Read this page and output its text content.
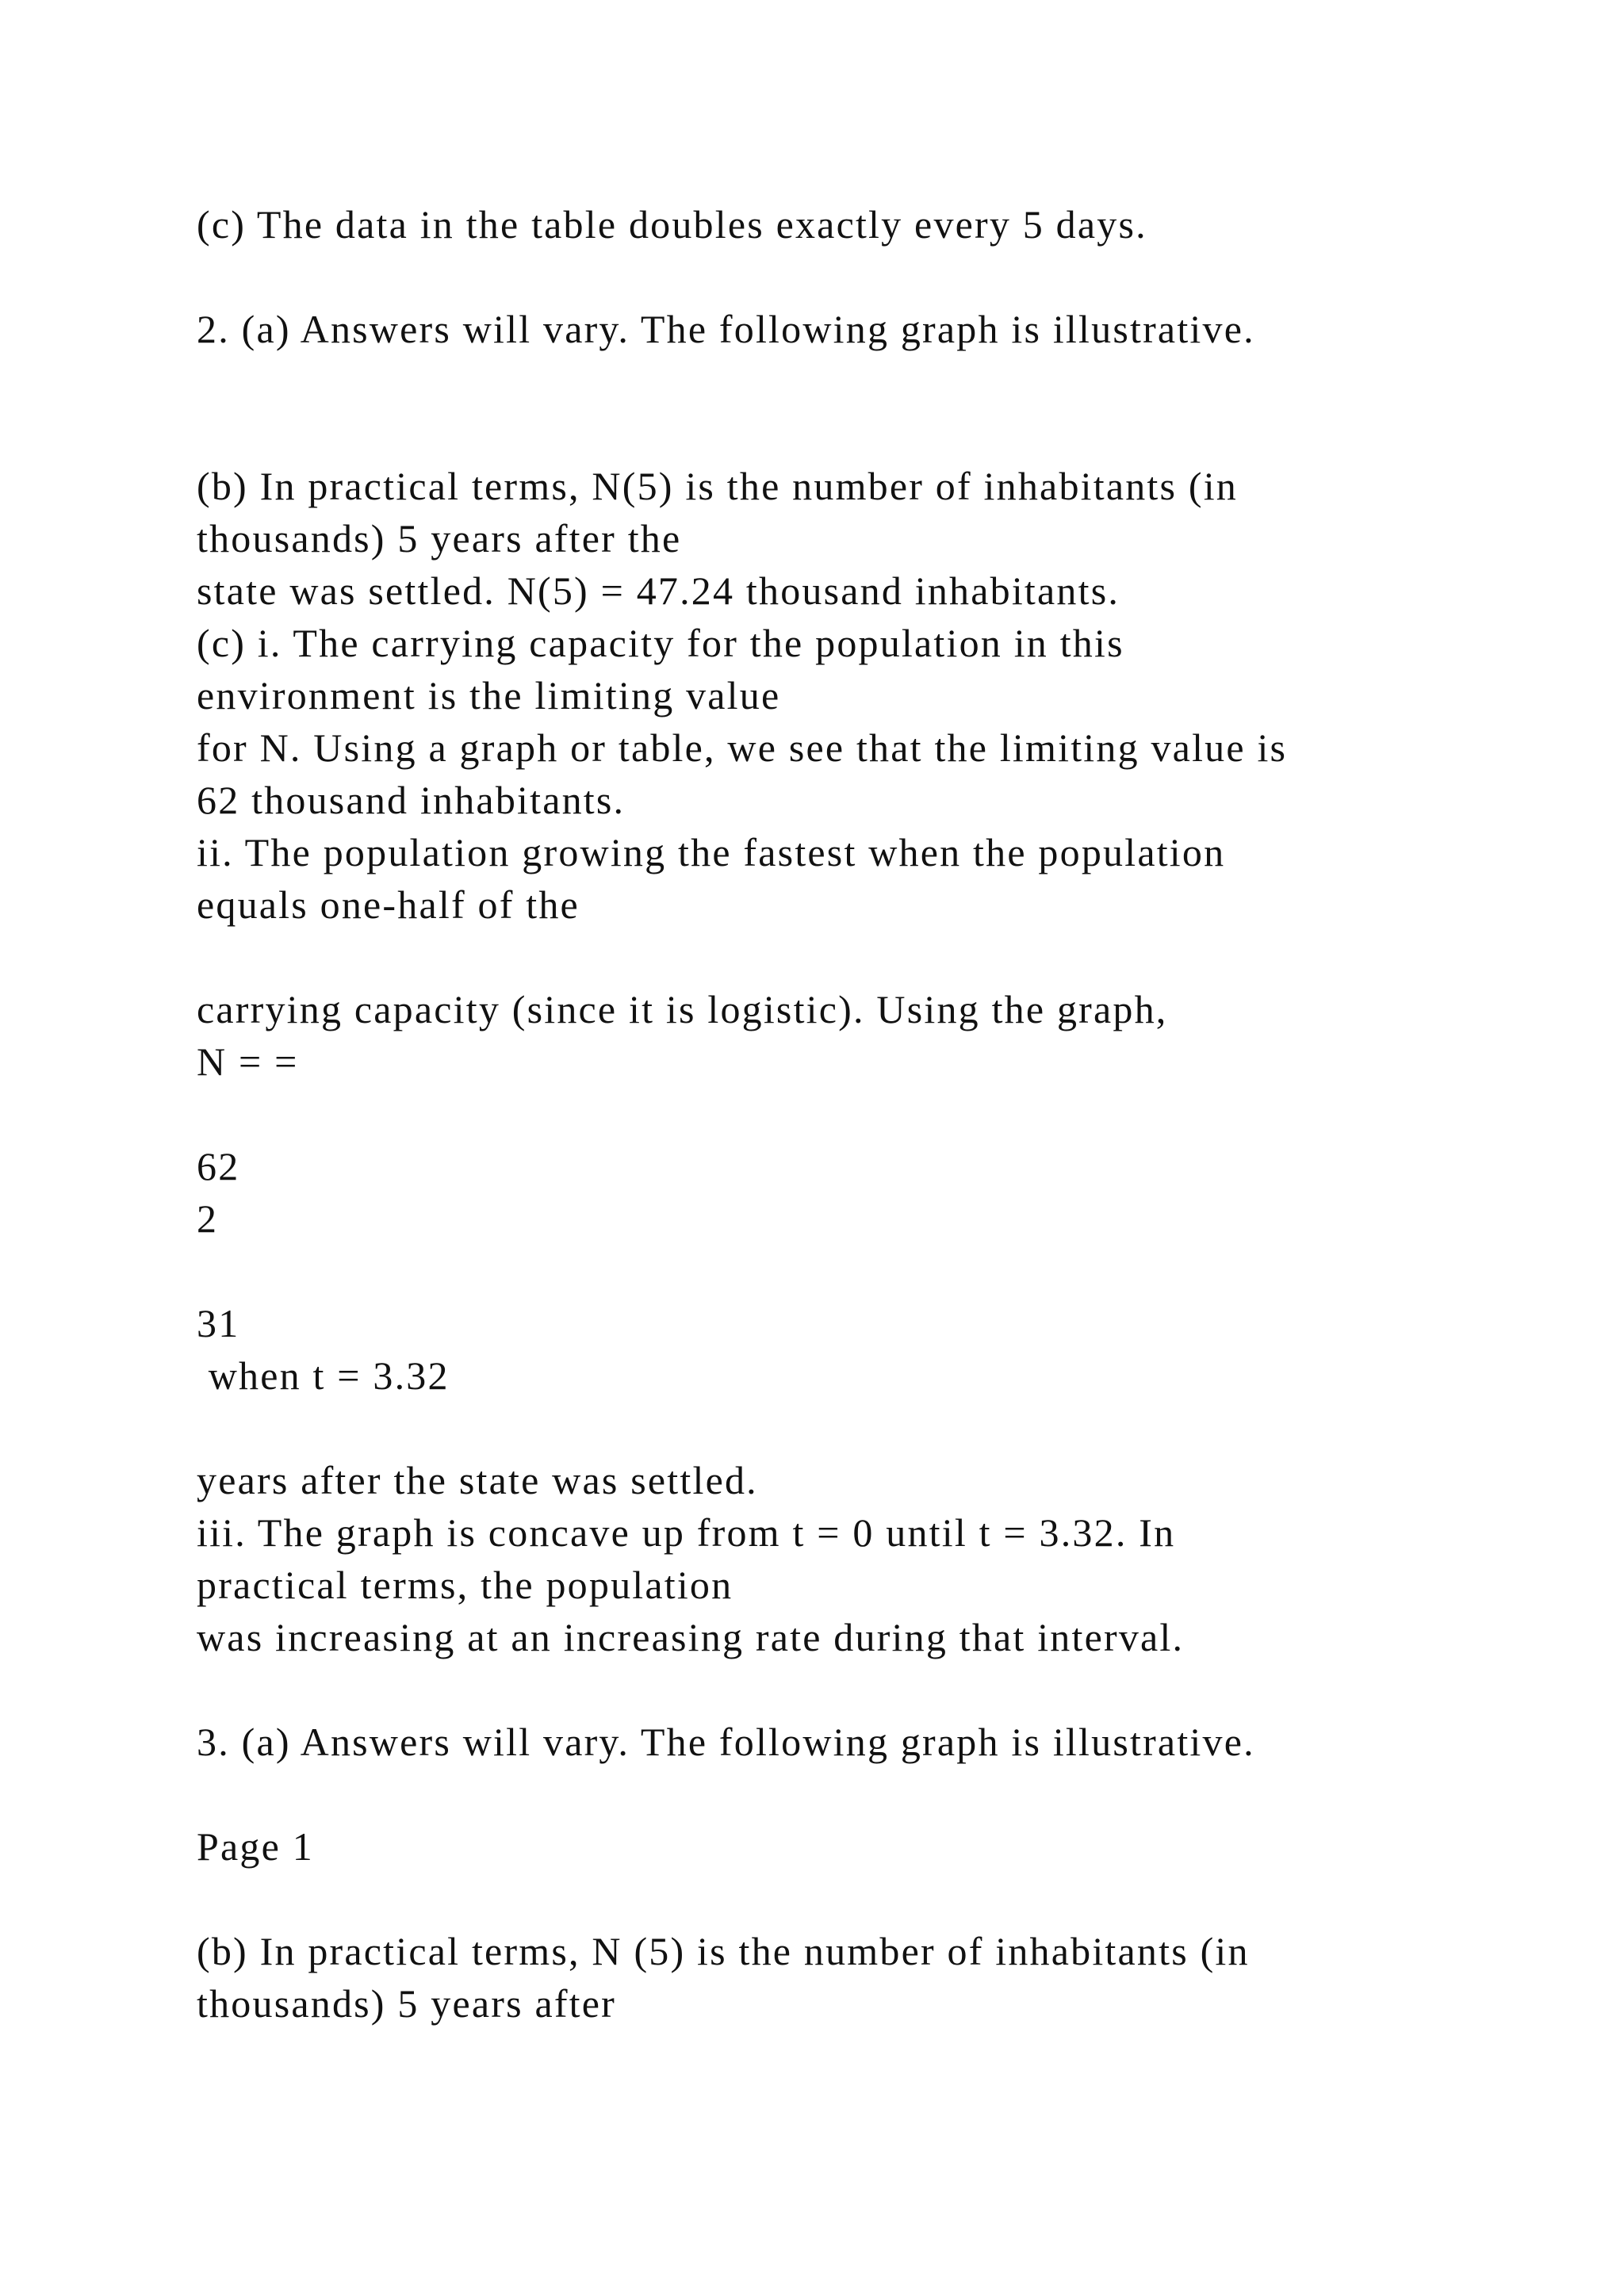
(c) The data in the table doubles exactly every 5 days.

2. (a) Answers will vary. The following graph is illustrative.

(b) In practical terms, N(5) is the number of inhabitants (in

thousands) 5 years after the

state was settled. N(5) = 47.24 thousand inhabitants.

(c) i. The carrying capacity for the population in this

environment is the limiting value

for N. Using a graph or table, we see that the limiting value is

62 thousand inhabitants.

ii. The population growing the fastest when the population

equals one-half of the

carrying capacity (since it is logistic). Using the graph,

N = =

62

2

31

when t = 3.32

years after the state was settled.

iii. The graph is concave up from t = 0 until t = 3.32. In

practical terms, the population

was increasing at an increasing rate during that interval.

3. (a) Answers will vary. The following graph is illustrative.

Page 1

(b) In practical terms, N (5) is the number of inhabitants (in

thousands) 5 years after
